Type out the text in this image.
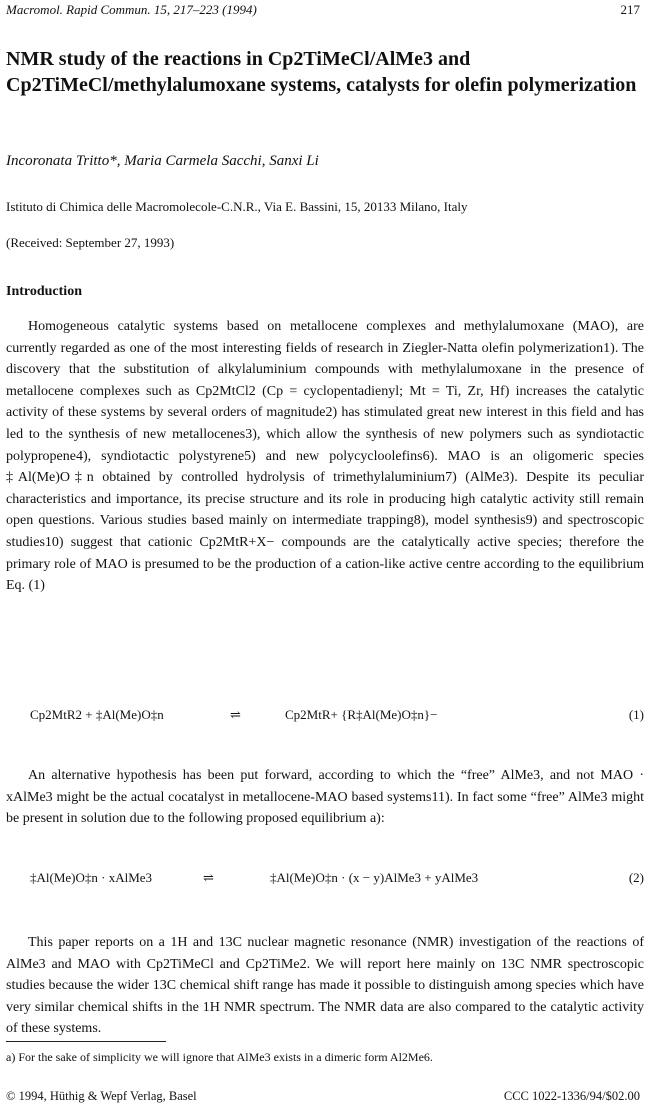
Macromol. Rapid Commun. 15, 217–223 (1994)	217
NMR study of the reactions in Cp2TiMeCl/AlMe3 and Cp2TiMeCl/methylalumoxane systems, catalysts for olefin polymerization
Incoronata Tritto*, Maria Carmela Sacchi, Sanxi Li
Istituto di Chimica delle Macromolecole-C.N.R., Via E. Bassini, 15, 20133 Milano, Italy
(Received: September 27, 1993)
Introduction
Homogeneous catalytic systems based on metallocene complexes and methylalumoxane (MAO), are currently regarded as one of the most interesting fields of research in Ziegler-Natta olefin polymerization1). The discovery that the substitution of alkylaluminium compounds with methylalumoxane in the presence of metallocene complexes such as Cp2MtCl2 (Cp = cyclopentadienyl; Mt = Ti, Zr, Hf) increases the catalytic activity of these systems by several orders of magnitude2) has stimulated great new interest in this field and has led to the synthesis of new metallocenes3), which allow the synthesis of new polymers such as syndiotactic polypropene4), syndiotactic polystyrene5) and new polycycloolefins6). MAO is an oligomeric species ‡Al(Me)O‡n obtained by controlled hydrolysis of trimethylaluminium7) (AlMe3). Despite its peculiar characteristics and importance, its precise structure and its role in producing high catalytic activity still remain open questions. Various studies based mainly on intermediate trapping8), model synthesis9) and spectroscopic studies10) suggest that cationic Cp2MtR+X− compounds are the catalytically active species; therefore the primary role of MAO is presumed to be the production of a cation-like active centre according to the equilibrium Eq. (1)
Cp2MtR2 + ‡Al(Me)O‡n	⇌	Cp2MtR+ {R‡Al(Me)O‡n}−	(1)
An alternative hypothesis has been put forward, according to which the “free” AlMe3, and not MAO · xAlMe3 might be the actual cocatalyst in metallocene-MAO based systems11). In fact some “free” AlMe3 might be present in solution due to the following proposed equilibrium a):
‡Al(Me)O‡n · xAlMe3	⇌	‡Al(Me)O‡n · (x − y)AlMe3 + yAlMe3	(2)
This paper reports on a 1H and 13C nuclear magnetic resonance (NMR) investigation of the reactions of AlMe3 and MAO with Cp2TiMeCl and Cp2TiMe2. We will report here mainly on 13C NMR spectroscopic studies because the wider 13C chemical shift range has made it possible to distinguish among species which have very similar chemical shifts in the 1H NMR spectrum. The NMR data are also compared to the catalytic activity of these systems.
a) For the sake of simplicity we will ignore that AlMe3 exists in a dimeric form Al2Me6.
© 1994, Hüthig & Wepf Verlag, Basel	CCC 1022-1336/94/$02.00
